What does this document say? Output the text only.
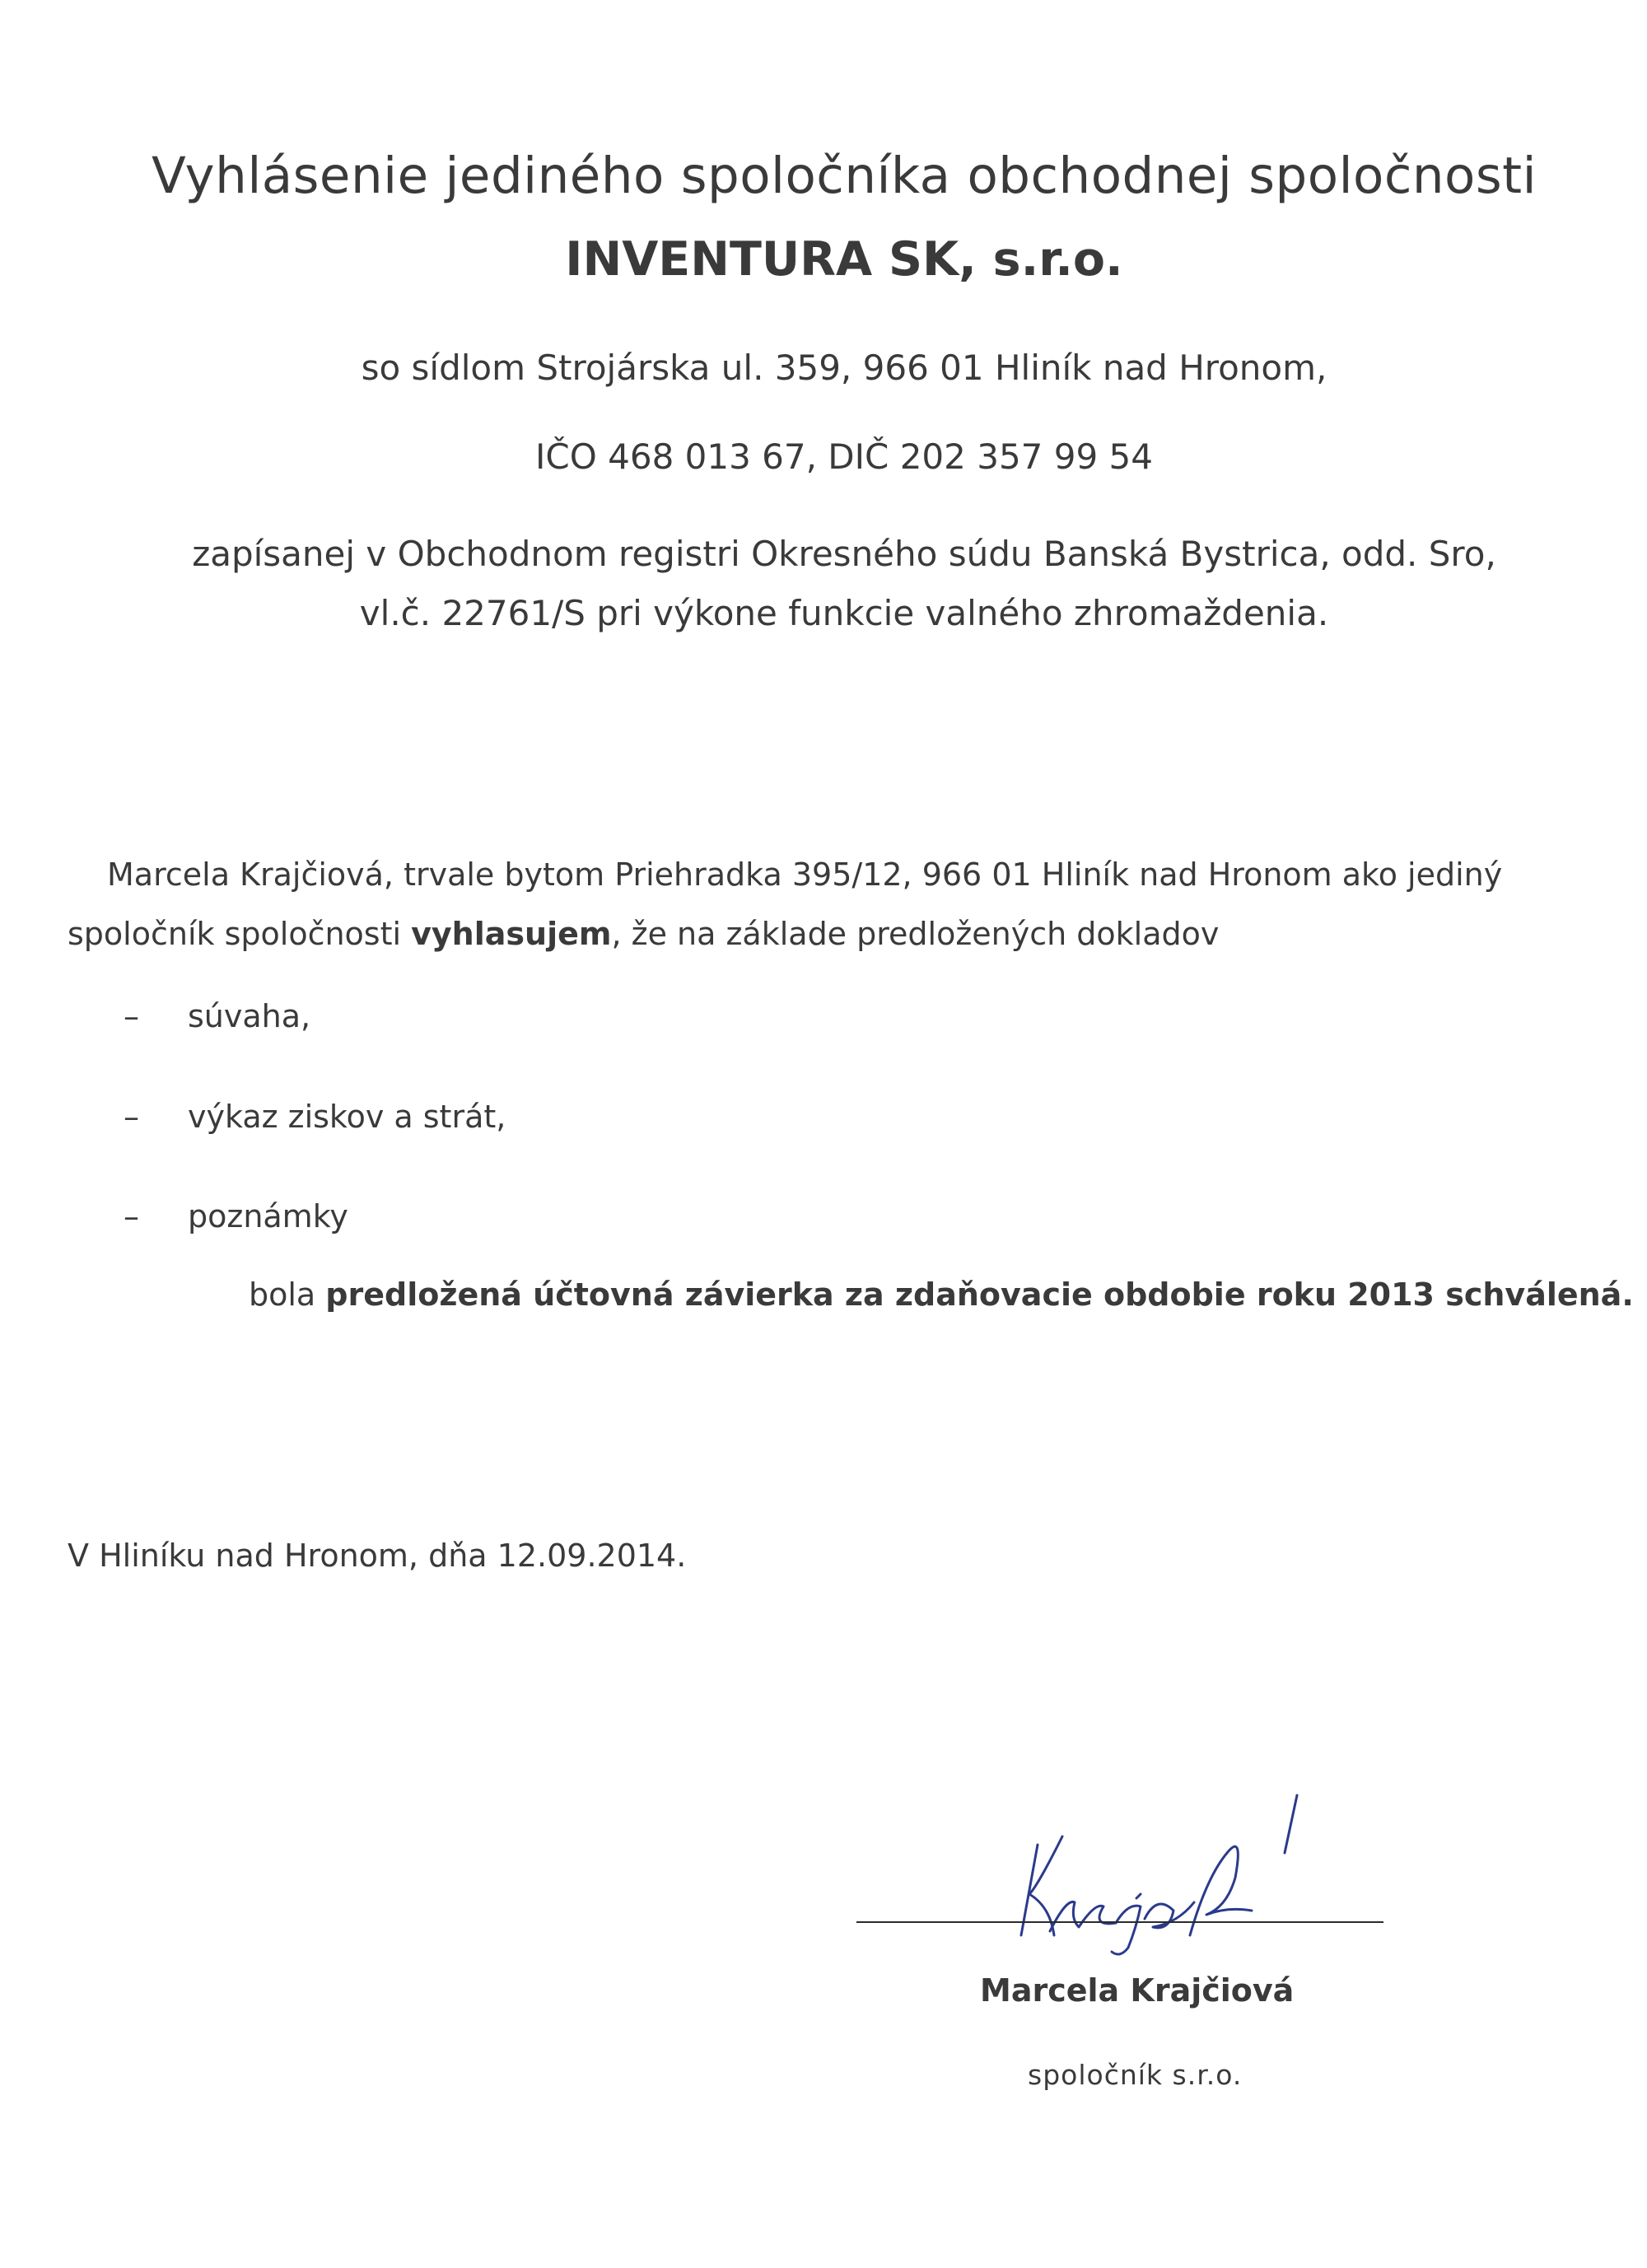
Vyhlásenie jediného spoločníka obchodnej spoločnosti
INVENTURA SK, s.r.o.
so sídlom Strojárska ul. 359, 966 01 Hliník nad Hronom,
IČO 468 013 67, DIČ 202 357 99 54
zapísanej v Obchodnom registri Okresného súdu Banská Bystrica, odd. Sro,
vl.č. 22761/S pri výkone funkcie valného zhromaždenia.
Marcela Krajčiová, trvale bytom Priehradka 395/12, 966 01 Hliník nad Hronom ako jediný
spoločník spoločnosti vyhlasujem, že na základe predložených dokladov
– súvaha,
– výkaz ziskov a strát,
– poznámky
bola predložená účtovná závierka za zdaňovacie obdobie roku 2013 schválená.
V Hliníku nad Hronom, dňa 12.09.2014.
Marcela Krajčiová
spoločník s.r.o.
